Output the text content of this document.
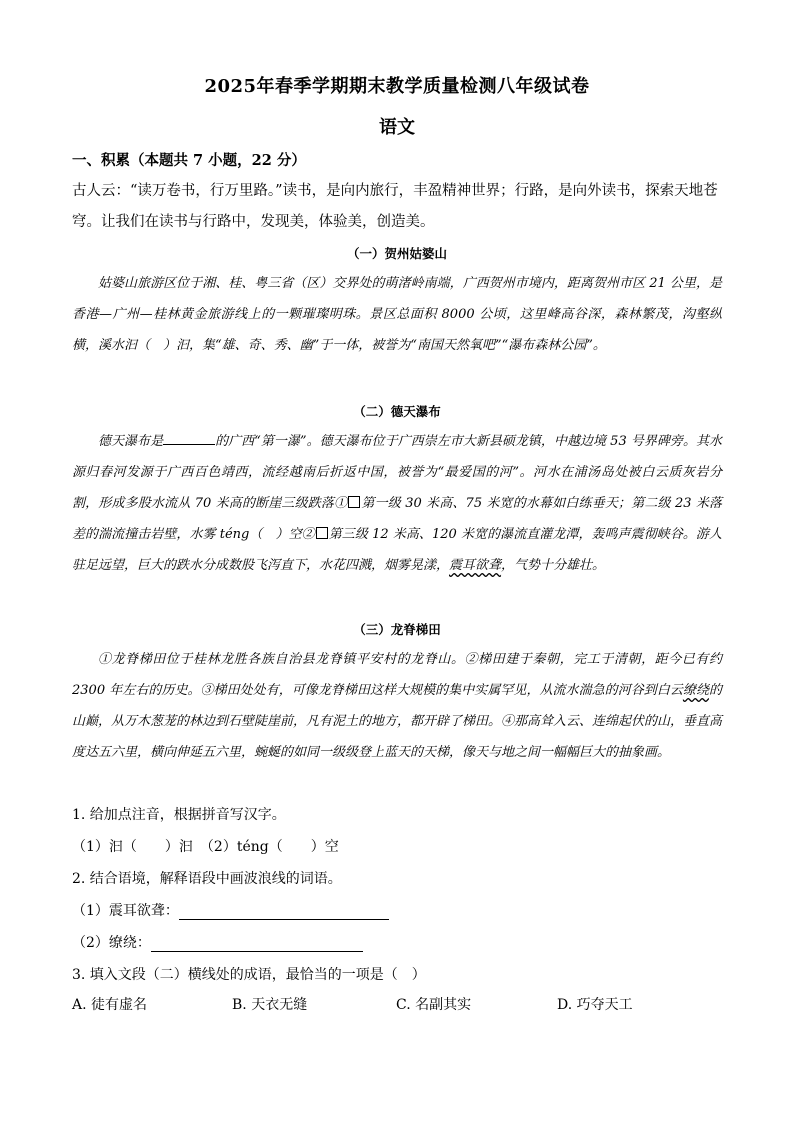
2025年春季学期期末教学质量检测八年级试卷
语文
一、积累（本题共 7 小题，22 分）
古人云：“读万卷书，行万里路。”读书，是向内旅行，丰盈精神世界；行路，是向外读书，探索天地苍穹。让我们在读书与行路中，发现美，体验美，创造美。
（一）贺州姑婆山
姑婆山旅游区位于湘、桂、粤三省（区）交界处的萌渚岭南端，广西贺州市境内，距离贺州市区 21 公里，是香港—广州—桂林黄金旅游线上的一颗璀璨明珠。景区总面积 8000 公顷，这里峰高谷深，森林繁茂，沟壑纵横，溪水汩（　）汩，集“雄、奇、秀、幽”于一体，被誉为“南国天然氧吧”“瀑布森林公园”。
（二）德天瀑布
德天瀑布是	的广西“第一瀑”。德天瀑布位于广西崇左市大新县硕龙镇，中越边境 53 号界碑旁。其水源归春河发源于广西百色靖西，流经越南后折返中国，被誉为“最爱国的河”。河水在浦汤岛处被白云质灰岩分割，形成多股水流从 70 米高的断崖三级跌落① 第一级 30 米高、75 米宽的水幕如白练垂天；第二级 23 米落差的湍流撞击岩壁，水雾 téng（　）空② 第三级 12 米高、120 米宽的瀑流直灌龙潭，轰鸣声震彻峡谷。游人驻足远望，巨大的跌水分成数股飞泻直下，水花四溅，烟雾晃漾，震耳欲聋，气势十分雄壮。
（三）龙脊梯田
①龙脊梯田位于桂林龙胜各族自治县龙脊镇平安村的龙脊山。②梯田建于秦朝，完工于清朝，距今已有约 2300 年左右的历史。③梯田处处有，可像龙脊梯田这样大规模的集中实属罕见，从流水湍急的河谷到白云缭绕的山巅，从万木葱茏的林边到石壁陡崖前，凡有泥土的地方，都开辟了梯田。④那高耸入云、连绵起伏的山，垂直高度达五六里，横向伸延五六里，蜿蜒的如同一级级登上蓝天的天梯，像天与地之间一幅幅巨大的抽象画。
1. 给加点注音，根据拼音写汉字。
（1）汩（　　）汩　（2）téng（　　）空
2. 结合语境，解释语段中画波浪线的词语。
（1）震耳欲聋：
（2）缭绕：
3. 填入文段（二）横线处的成语，最恰当的一项是（　）
A. 徒有虚名	B. 天衣无缝	C. 名副其实	D. 巧夺天工
